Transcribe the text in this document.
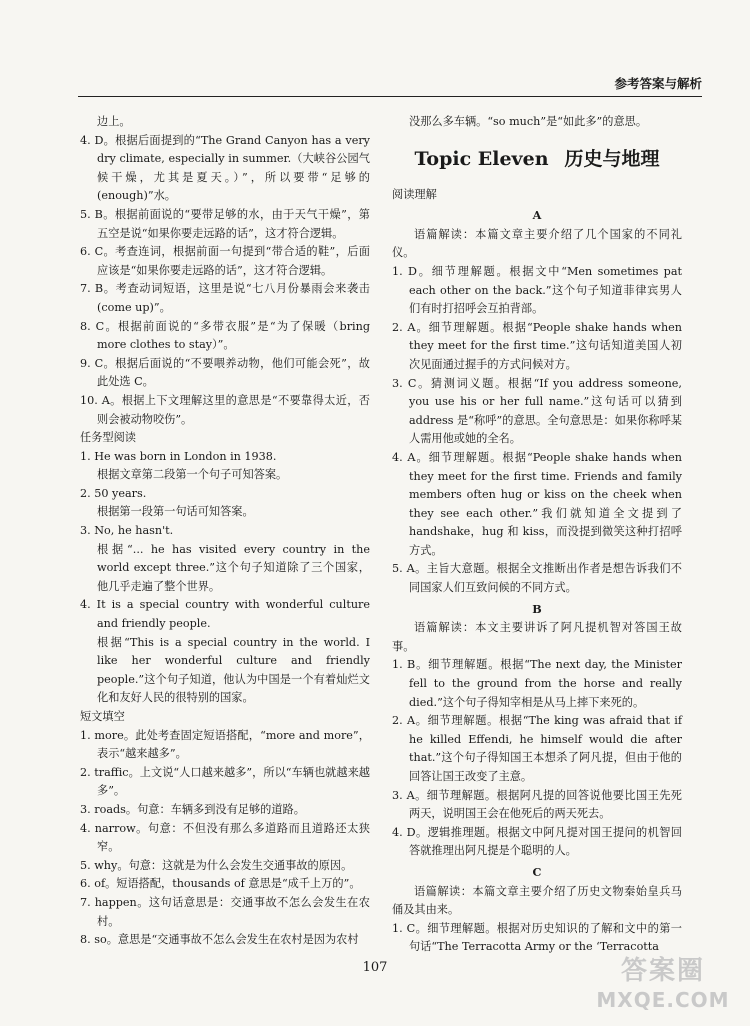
参考答案与解析
边上。
4. D。根据后面提到的“The Grand Canyon has a very dry climate, especially in summer.（大峡谷公园气候干燥，尤其是夏天。）”，所以要带“足够的(enough)”水。
5. B。根据前面说的“要带足够的水，由于天气干燥”，第五空是说“如果你要走远路的话”，这才符合逻辑。
6. C。考查连词，根据前面一句提到“带合适的鞋”，后面应该是“如果你要走远路的话”，这才符合逻辑。
7. B。考查动词短语，这里是说“七八月份暴雨会来袭击(come up)”。
8. C。根据前面说的“多带衣服”是“为了保暖（bring more clothes to stay）”。
9. C。根据后面说的“不要喂养动物，他们可能会死”，故此处选 C。
10. A。根据上下文理解这里的意思是“不要靠得太近，否则会被动物咬伤”。
任务型阅读
1. He was born in London in 1938.
根据文章第二段第一个句子可知答案。
2. 50 years.
根据第一段第一句话可知答案。
3. No, he hasn't.
根据“... he has visited every country in the world except three.”这个句子知道除了三个国家，他几乎走遍了整个世界。
4. It is a special country with wonderful culture and friendly people.
根据“This is a special country in the world. I like her wonderful culture and friendly people.”这个句子知道，他认为中国是一个有着灿烂文化和友好人民的很特别的国家。
短文填空
1. more。此处考查固定短语搭配，“more and more”，表示“越来越多”。
2. traffic。上文说“人口越来越多”，所以“车辆也就越来越多”。
3. roads。句意：车辆多到没有足够的道路。
4. narrow。句意：不但没有那么多道路而且道路还太狭窄。
5. why。句意：这就是为什么会发生交通事故的原因。
6. of。短语搭配，thousands of 意思是“成千上万的”。
7. happen。这句话意思是：交通事故不怎么会发生在农村。
8. so。意思是“交通事故不怎么会发生在农村是因为农村
没那么多车辆。“so much”是“如此多”的意思。
Topic Eleven 历史与地理
阅读理解
A
语篇解读：本篇文章主要介绍了几个国家的不同礼仪。
1. D。细节理解题。根据文中“Men sometimes pat each other on the back.”这个句子知道菲律宾男人们有时打招呼会互拍背部。
2. A。细节理解题。根据“People shake hands when they meet for the first time.”这句话知道美国人初次见面通过握手的方式问候对方。
3. C。猜测词义题。根据“If you address someone, you use his or her full name.”这句话可以猜到 address 是“称呼”的意思。全句意思是：如果你称呼某人需用他或她的全名。
4. A。细节理解题。根据“People shake hands when they meet for the first time. Friends and family members often hug or kiss on the cheek when they see each other.”我们就知道全文提到了 handshake，hug 和 kiss，而没提到微笑这种打招呼方式。
5. A。主旨大意题。根据全文推断出作者是想告诉我们不同国家人们互致问候的不同方式。
B
语篇解读：本文主要讲诉了阿凡提机智对答国王故事。
1. B。细节理解题。根据“The next day, the Minister fell to the ground from the horse and really died.”这个句子得知宰相是从马上摔下来死的。
2. A。细节理解题。根据“The king was afraid that if he killed Effendi, he himself would die after that.”这个句子得知国王本想杀了阿凡提，但由于他的回答让国王改变了主意。
3. A。细节理解题。根据阿凡提的回答说他要比国王先死两天，说明国王会在他死后的两天死去。
4. D。逻辑推理题。根据文中阿凡提对国王提问的机智回答就推理出阿凡提是个聪明的人。
C
语篇解读：本篇文章主要介绍了历史文物秦始皇兵马俑及其由来。
1. C。细节理解题。根据对历史知识的了解和文中的第一句话“The Terracotta Army or the ‘Terracotta
107	答案圈
MXQE.COM
